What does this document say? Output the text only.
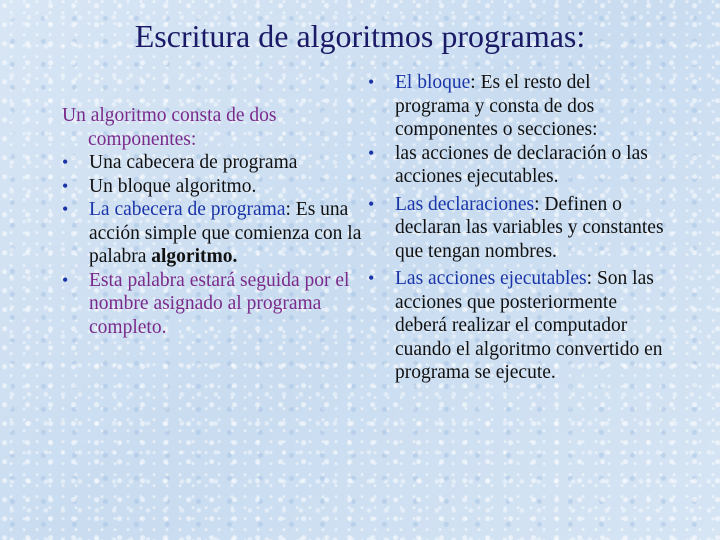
Escritura de algoritmos programas:
Un algoritmo consta de dos componentes:
•	Una cabecera de programa
•	Un bloque algoritmo.
•	La cabecera de programa: Es una acción simple que comienza con la palabra algoritmo.
•	Esta palabra estará seguida por el nombre asignado al programa completo.
•	El bloque: Es el resto del programa y consta de dos componentes o secciones:
•	las acciones de declaración o las acciones ejecutables.
•	Las declaraciones: Definen o declaran las variables y constantes que tengan nombres.
•	Las acciones ejecutables: Son las acciones que posteriormente deberá realizar el computador cuando el algoritmo convertido en programa se ejecute.
